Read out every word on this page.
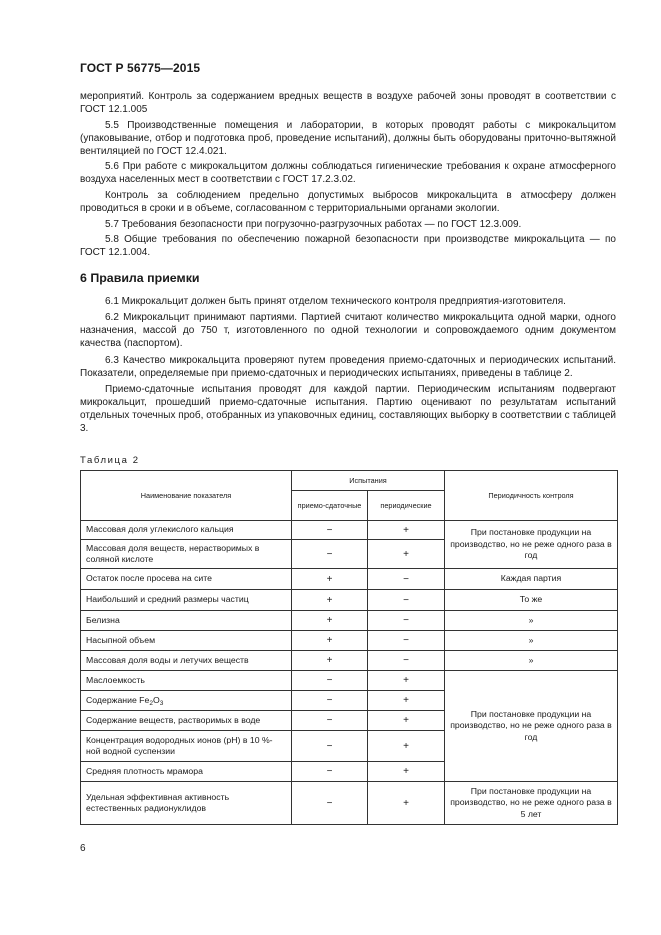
ГОСТ Р 56775—2015

мероприятий. Контроль за содержанием вредных веществ в воздухе рабочей зоны проводят в соответствии с ГОСТ 12.1.005

5.5 Производственные помещения и лаборатории, в которых проводят работы с микрокальцитом (упаковывание, отбор и подготовка проб, проведение испытаний), должны быть оборудованы приточно-вытяжной вентиляцией по ГОСТ 12.4.021.

5.6 При работе с микрокальцитом должны соблюдаться гигиенические требования к охране атмосферного воздуха населенных мест в соответствии с ГОСТ 17.2.3.02.

Контроль за соблюдением предельно допустимых выбросов микрокальцита в атмосферу должен проводиться в сроки и в объеме, согласованном с территориальными органами экологии.

5.7 Требования безопасности при погрузочно-разгрузочных работах — по ГОСТ 12.3.009.

5.8 Общие требования по обеспечению пожарной безопасности при производстве микрокальцита — по ГОСТ 12.1.004.

6 Правила приемки

6.1 Микрокальцит должен быть принят отделом технического контроля предприятия-изготовителя.

6.2 Микрокальцит принимают партиями. Партией считают количество микрокальцита одной марки, одного назначения, массой до 750 т, изготовленного по одной технологии и сопровождаемого одним документом качества (паспортом).

6.3 Качество микрокальцита проверяют путем проведения приемо-сдаточных и периодических испытаний. Показатели, определяемые при приемо-сдаточных и периодических испытаниях, приведены в таблице 2.

Приемо-сдаточные испытания проводят для каждой партии. Периодическим испытаниям подвергают микрокальцит, прошедший приемо-сдаточные испытания. Партию оценивают по результатам испытаний отдельных точечных проб, отобранных из упаковочных единиц, составляющих выборку в соответствии с таблицей 3.

Таблица 2
Наименование показателя	Испытания		Периодичность контроля
	приемо-сдаточные	периодические	
Массовая доля углекислого кальция	−	+	При постановке продукции на производство, но не реже одного раза в год
Массовая доля веществ, нерастворимых в соляной кислоте	−	+	
Остаток после просева на сите	+	−	Каждая партия
Наибольший и средний размеры частиц	+	−	То же
Белизна	+	−	»
Насыпной объем	+	−	»
Массовая доля воды и летучих веществ	+	−	»
Маслоемкость	−	+	При постановке продукции на производство, но не реже одного раза в год
Содержание $Fe_2O_3$	−	+	
Содержание веществ, растворимых в воде	−	+	
Концентрация водородных ионов (рН) в 10 %-ной водной суспензии	−	+	
Средняя плотность мрамора	−	+	
Удельная эффективная активность естественных радионуклидов	−	+	При постановке продукции на производство, но не реже одного раза в 5 лет
6
